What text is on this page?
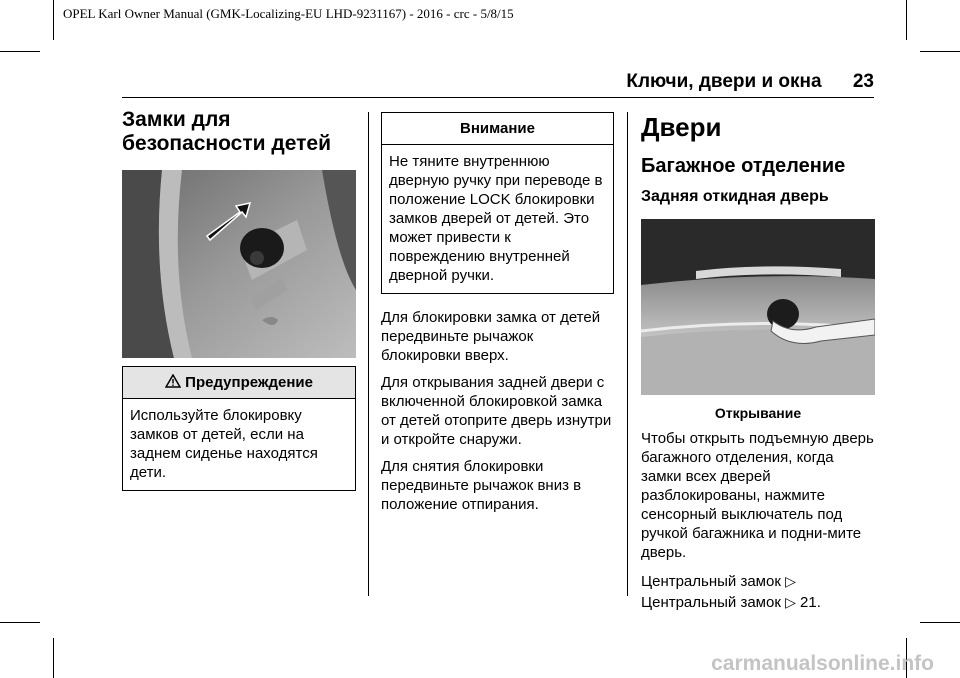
OPEL Karl Owner Manual (GMK-Localizing-EU LHD-9231167) - 2016 - crc - 5/8/15
Ключи, двери и окна 23
Замки для безопасности детей
Предупреждение
Используйте блокировку замков от детей, если на заднем сиденье находятся дети.
Внимание
Не тяните внутреннюю дверную ручку при переводе в положение LOCK блокировки замков дверей от детей. Это может привести к повреждению внутренней дверной ручки.

Для блокировки замка от детей передвиньте рычажок блокировки вверх.

Для открывания задней двери с включенной блокировкой замка от детей отоприте дверь изнутри и откройте снаружи.

Для снятия блокировки передвиньте рычажок вниз в положение отпирания.

Двери
Багажное отделение
Задняя откидная дверь
Открывание

Чтобы открыть подъемную дверь багажного отделения, когда замки всех дверей разблокированы, нажмите сенсорный выключатель под ручкой багажника и подни-мите дверь.

Центральный замок ▷

Центральный замок ▷ 21.

carmanualsonline.info
